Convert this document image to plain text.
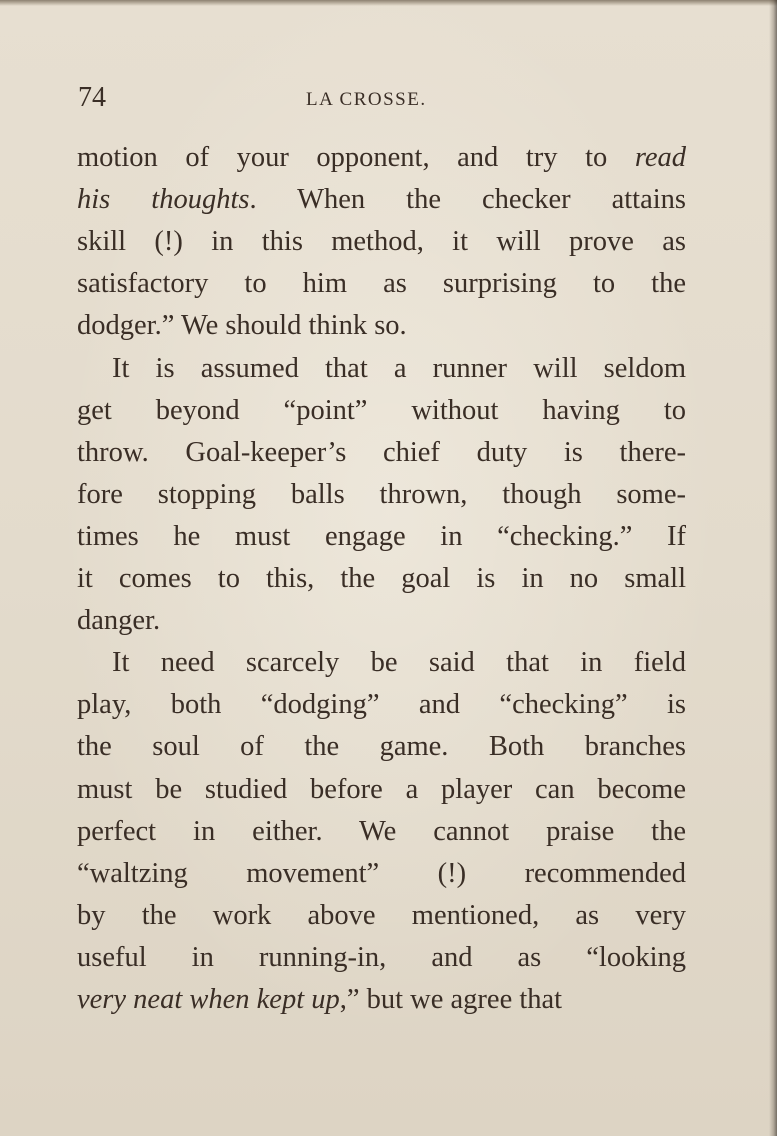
74	LA CROSSE.
motion of your opponent, and try to read
his thoughts. When the checker attains
skill (!) in this method, it will prove as
satisfactory to him as surprising to the
dodger.” We should think so.
It is assumed that a runner will seldom
get beyond “point” without having to
throw. Goal-keeper’s chief duty is there-
fore stopping balls thrown, though some-
times he must engage in “checking.” If
it comes to this, the goal is in no small
danger.
It need scarcely be said that in field
play, both “dodging” and “checking” is
the soul of the game. Both branches
must be studied before a player can become
perfect in either. We cannot praise the
“waltzing movement” (!) recommended
by the work above mentioned, as very
useful in running-in, and as “looking
very neat when kept up,” but we agree that
